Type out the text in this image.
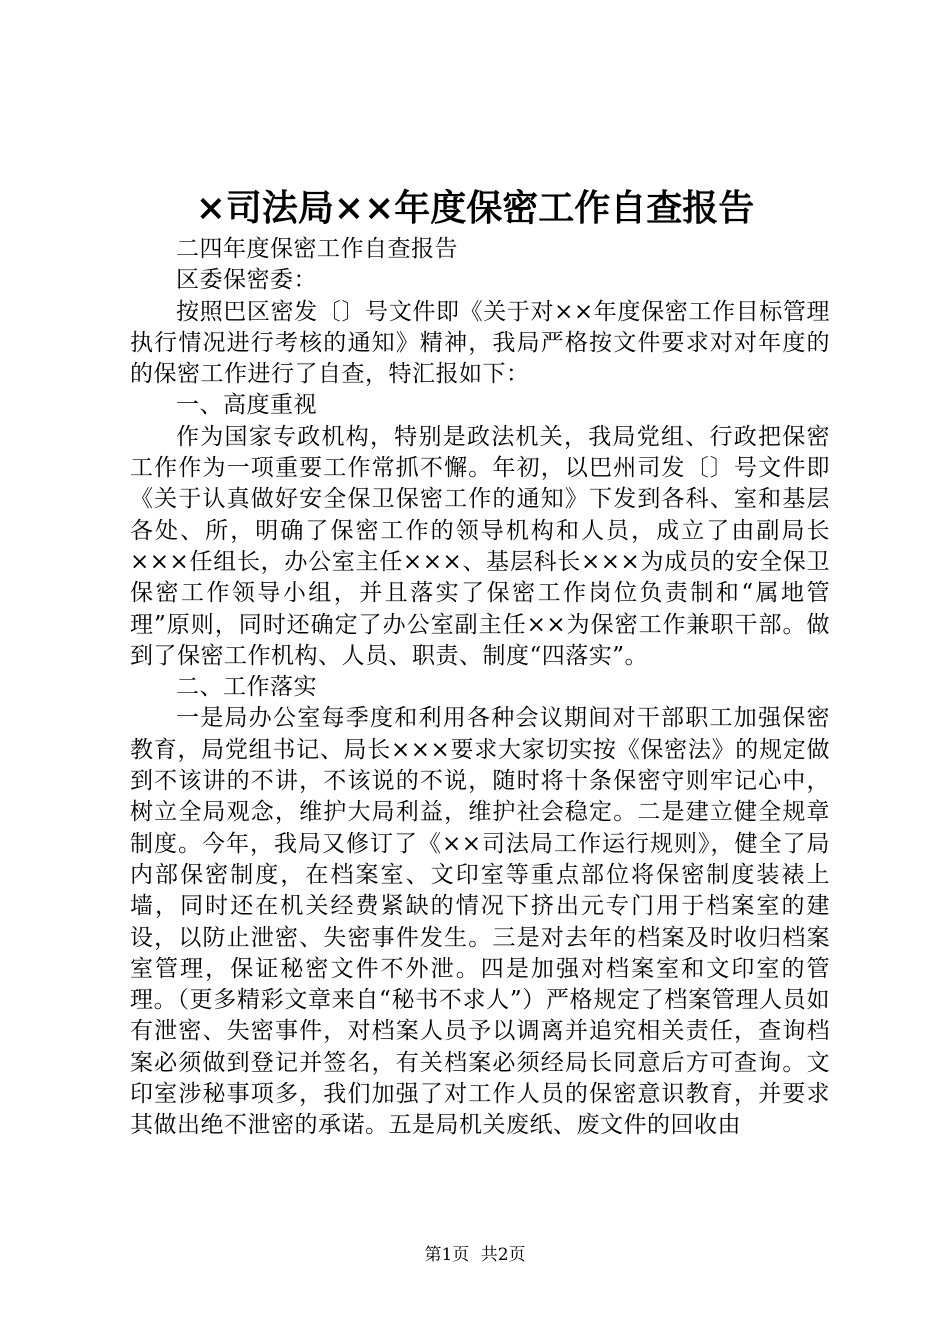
×司法局××年度保密工作自查报告

二四年度保密工作自查报告

区委保密委：

按照巴区密发〔〕号文件即《关于对××年度保密工作目标管理执行情况进行考核的通知》精神，我局严格按文件要求对对年度的的保密工作进行了自查，特汇报如下：

一、高度重视

作为国家专政机构，特别是政法机关，我局党组、行政把保密工作作为一项重要工作常抓不懈。年初，以巴州司发〔〕号文件即《关于认真做好安全保卫保密工作的通知》下发到各科、室和基层各处、所，明确了保密工作的领导机构和人员，成立了由副局长×××任组长，办公室主任×××、基层科长×××为成员的安全保卫保密工作领导小组，并且落实了保密工作岗位负责制和“属地管理”原则，同时还确定了办公室副主任××为保密工作兼职干部。做到了保密工作机构、人员、职责、制度“四落实”。

二、工作落实

一是局办公室每季度和利用各种会议期间对干部职工加强保密教育，局党组书记、局长×××要求大家切实按《保密法》的规定做到不该讲的不讲，不该说的不说，随时将十条保密守则牢记心中，树立全局观念，维护大局利益，维护社会稳定。二是建立健全规章制度。今年，我局又修订了《××司法局工作运行规则》，健全了局内部保密制度，在档案室、文印室等重点部位将保密制度装裱上墙，同时还在机关经费紧缺的情况下挤出元专门用于档案室的建设，以防止泄密、失密事件发生。三是对去年的档案及时收归档案室管理，保证秘密文件不外泄。四是加强对档案室和文印室的管理。（更多精彩文章来自“秘书不求人”）严格规定了档案管理人员如有泄密、失密事件，对档案人员予以调离并追究相关责任，查询档案必须做到登记并签名，有关档案必须经局长同意后方可查询。文印室涉秘事项多，我们加强了对工作人员的保密意识教育，并要求其做出绝不泄密的承诺。五是局机关废纸、废文件的回收由

第1页 共2页
